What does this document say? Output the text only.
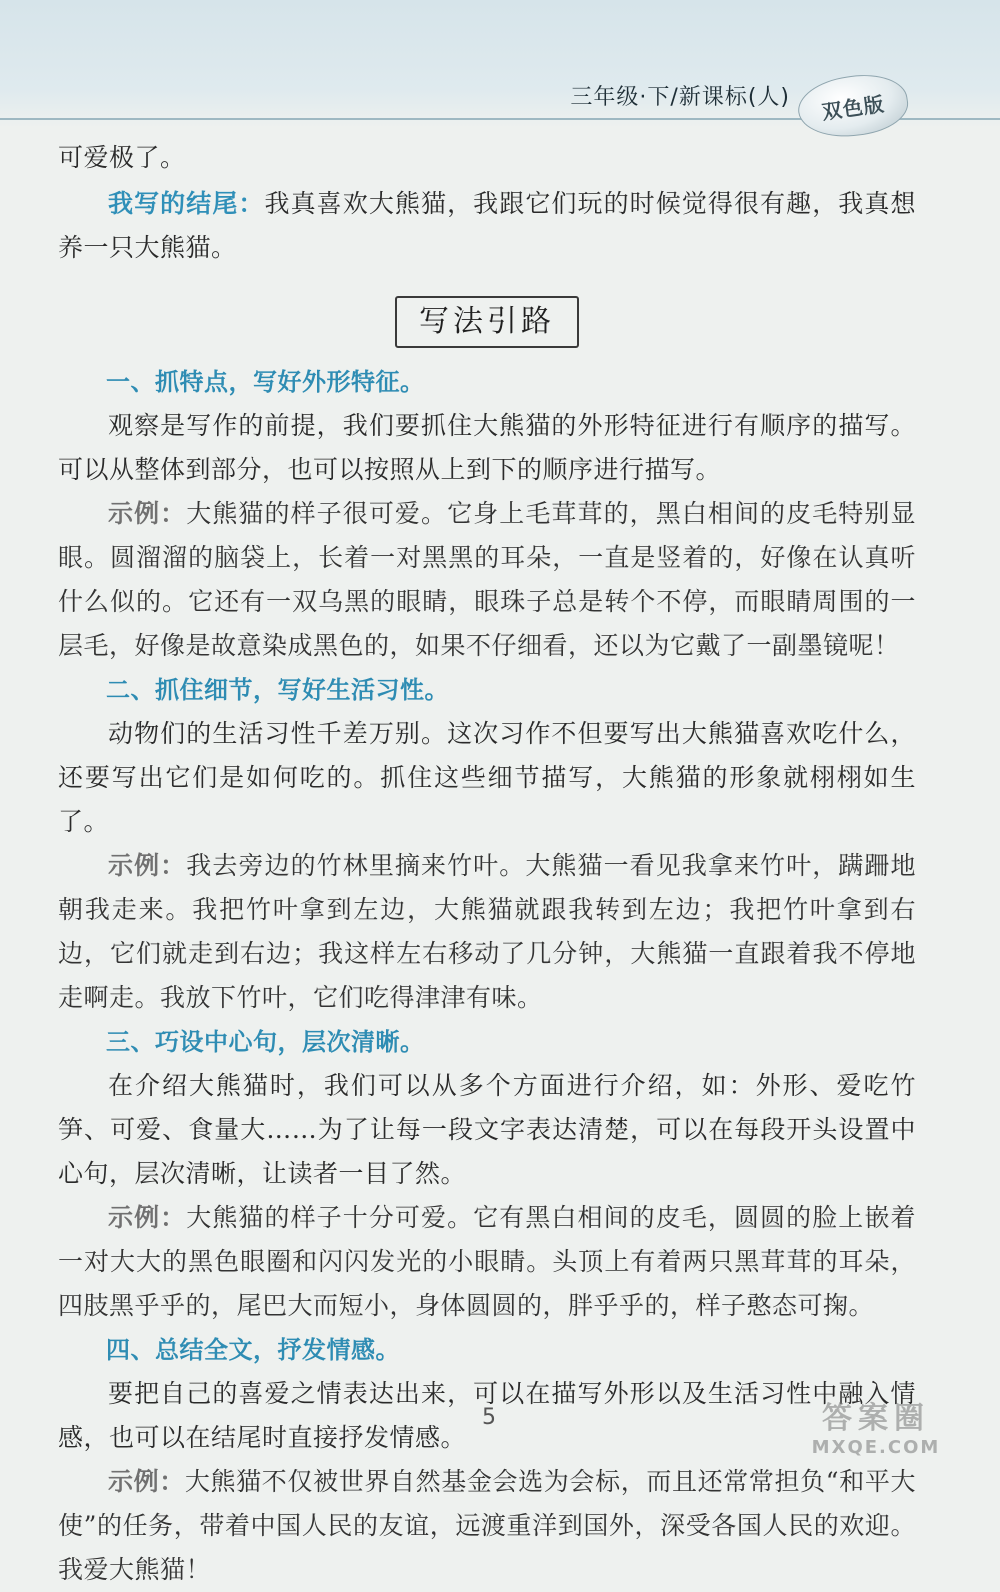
三年级·下/新课标(人) 双色版

可爱极了。

我写的结尾：我真喜欢大熊猫，我跟它们玩的时候觉得很有趣，我真想养一只大熊猫。

写法引路

一、抓特点，写好外形特征。

观察是写作的前提，我们要抓住大熊猫的外形特征进行有顺序的描写。可以从整体到部分，也可以按照从上到下的顺序进行描写。

示例：大熊猫的样子很可爱。它身上毛茸茸的，黑白相间的皮毛特别显眼。圆溜溜的脑袋上，长着一对黑黑的耳朵，一直是竖着的，好像在认真听什么似的。它还有一双乌黑的眼睛，眼珠子总是转个不停，而眼睛周围的一层毛，好像是故意染成黑色的，如果不仔细看，还以为它戴了一副墨镜呢！

二、抓住细节，写好生活习性。

动物们的生活习性千差万别。这次习作不但要写出大熊猫喜欢吃什么，还要写出它们是如何吃的。抓住这些细节描写，大熊猫的形象就栩栩如生了。

示例：我去旁边的竹林里摘来竹叶。大熊猫一看见我拿来竹叶，蹒跚地朝我走来。我把竹叶拿到左边，大熊猫就跟我转到左边；我把竹叶拿到右边，它们就走到右边；我这样左右移动了几分钟，大熊猫一直跟着我不停地走啊走。我放下竹叶，它们吃得津津有味。

三、巧设中心句，层次清晰。

在介绍大熊猫时，我们可以从多个方面进行介绍，如：外形、爱吃竹笋、可爱、食量大……为了让每一段文字表达清楚，可以在每段开头设置中心句，层次清晰，让读者一目了然。

示例：大熊猫的样子十分可爱。它有黑白相间的皮毛，圆圆的脸上嵌着一对大大的黑色眼圈和闪闪发光的小眼睛。头顶上有着两只黑茸茸的耳朵，四肢黑乎乎的，尾巴大而短小，身体圆圆的，胖乎乎的，样子憨态可掬。

四、总结全文，抒发情感。

要把自己的喜爱之情表达出来，可以在描写外形以及生活习性中融入情感，也可以在结尾时直接抒发情感。

示例：大熊猫不仅被世界自然基金会选为会标，而且还常常担负“和平大使”的任务，带着中国人民的友谊，远渡重洋到国外，深受各国人民的欢迎。我爱大熊猫！

5	答案圈
MXQE.COM
